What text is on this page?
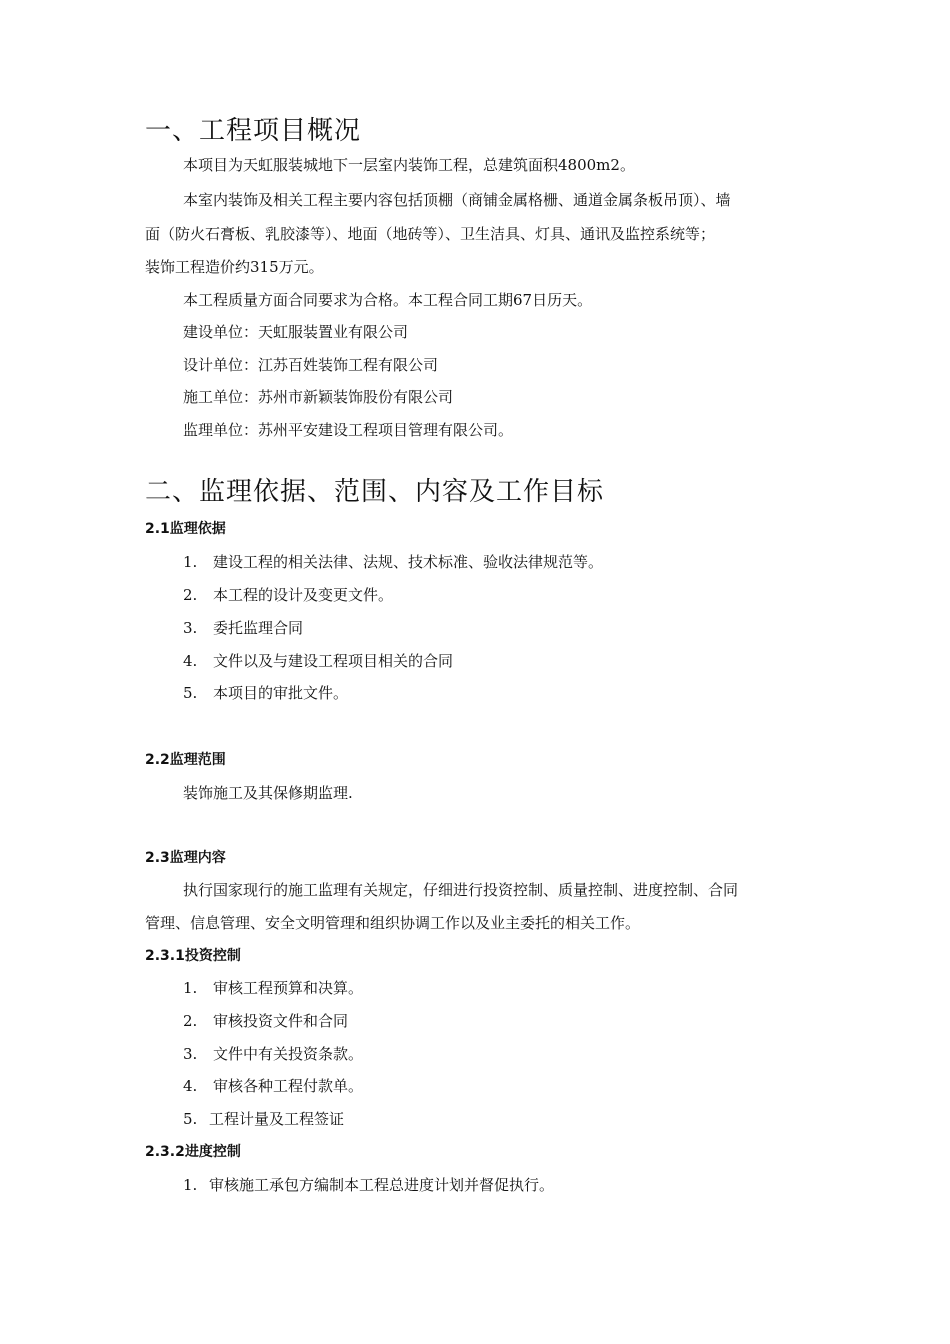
一、工程项目概况
本项目为天虹服装城地下一层室内装饰工程，总建筑面积4800m2。
本室内装饰及相关工程主要内容包括顶棚（商铺金属格栅、通道金属条板吊顶）、墙
面（防火石膏板、乳胶漆等）、地面（地砖等）、卫生洁具、灯具、通讯及监控系统等；
装饰工程造价约315万元。
本工程质量方面合同要求为合格。本工程合同工期67日历天。
建设单位：天虹服装置业有限公司
设计单位：江苏百姓装饰工程有限公司
施工单位：苏州市新颖装饰股份有限公司
监理单位：苏州平安建设工程项目管理有限公司。
二、监理依据、范围、内容及工作目标
2.1监理依据
1. 建设工程的相关法律、法规、技术标准、验收法律规范等。
2. 本工程的设计及变更文件。
3. 委托监理合同
4. 文件以及与建设工程项目相关的合同
5. 本项目的审批文件。
2.2监理范围
装饰施工及其保修期监理.
2.3监理内容
执行国家现行的施工监理有关规定，仔细进行投资控制、质量控制、进度控制、合同
管理、信息管理、安全文明管理和组织协调工作以及业主委托的相关工作。
2.3.1投资控制
1. 审核工程预算和决算。
2. 审核投资文件和合同
3. 文件中有关投资条款。
4. 审核各种工程付款单。
5. 工程计量及工程签证
2.3.2进度控制
1. 审核施工承包方编制本工程总进度计划并督促执行。
